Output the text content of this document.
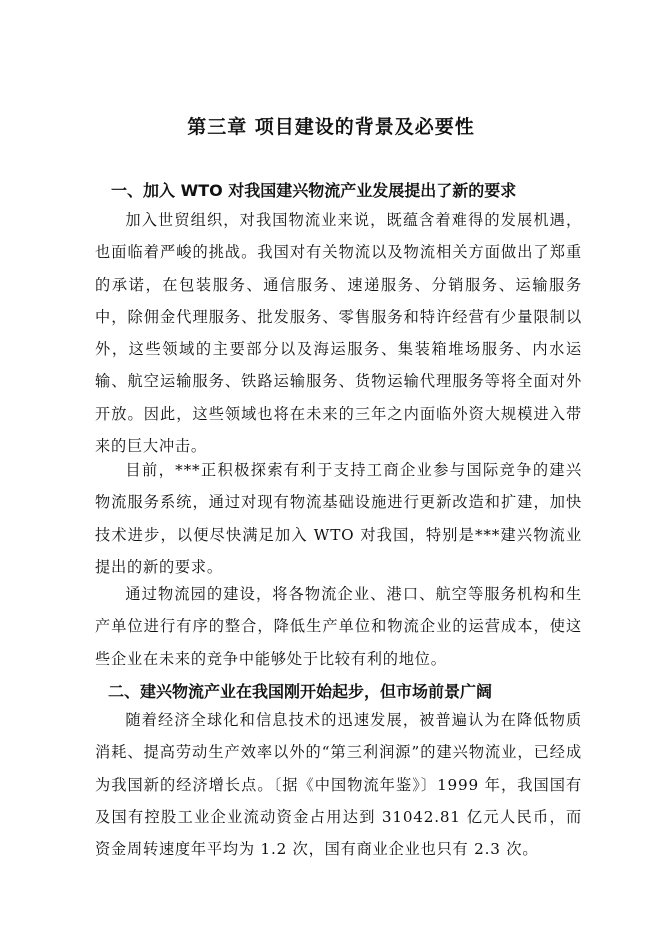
第三章 项目建设的背景及必要性
一、加入 WTO 对我国建兴物流产业发展提出了新的要求

加入世贸组织，对我国物流业来说，既蕴含着难得的发展机遇，也面临着严峻的挑战。我国对有关物流以及物流相关方面做出了郑重的承诺，在包装服务、通信服务、速递服务、分销服务、运输服务中，除佣金代理服务、批发服务、零售服务和特许经营有少量限制以外，这些领域的主要部分以及海运服务、集装箱堆场服务、内水运输、航空运输服务、铁路运输服务、货物运输代理服务等将全面对外开放。因此，这些领域也将在未来的三年之内面临外资大规模进入带来的巨大冲击。

目前，***正积极探索有利于支持工商企业参与国际竞争的建兴物流服务系统，通过对现有物流基础设施进行更新改造和扩建，加快技术进步，以便尽快满足加入 WTO 对我国，特别是***建兴物流业提出的新的要求。

通过物流园的建设，将各物流企业、港口、航空等服务机构和生产单位进行有序的整合，降低生产单位和物流企业的运营成本，使这些企业在未来的竞争中能够处于比较有利的地位。

二、建兴物流产业在我国刚开始起步，但市场前景广阔

随着经济全球化和信息技术的迅速发展，被普遍认为在降低物质消耗、提高劳动生产效率以外的“第三利润源”的建兴物流业，已经成为我国新的经济增长点。〔据《中国物流年鉴》〕1999 年，我国国有及国有控股工业企业流动资金占用达到 31042.81 亿元人民币，而资金周转速度年平均为 1.2 次，国有商业企业也只有 2.3 次。
